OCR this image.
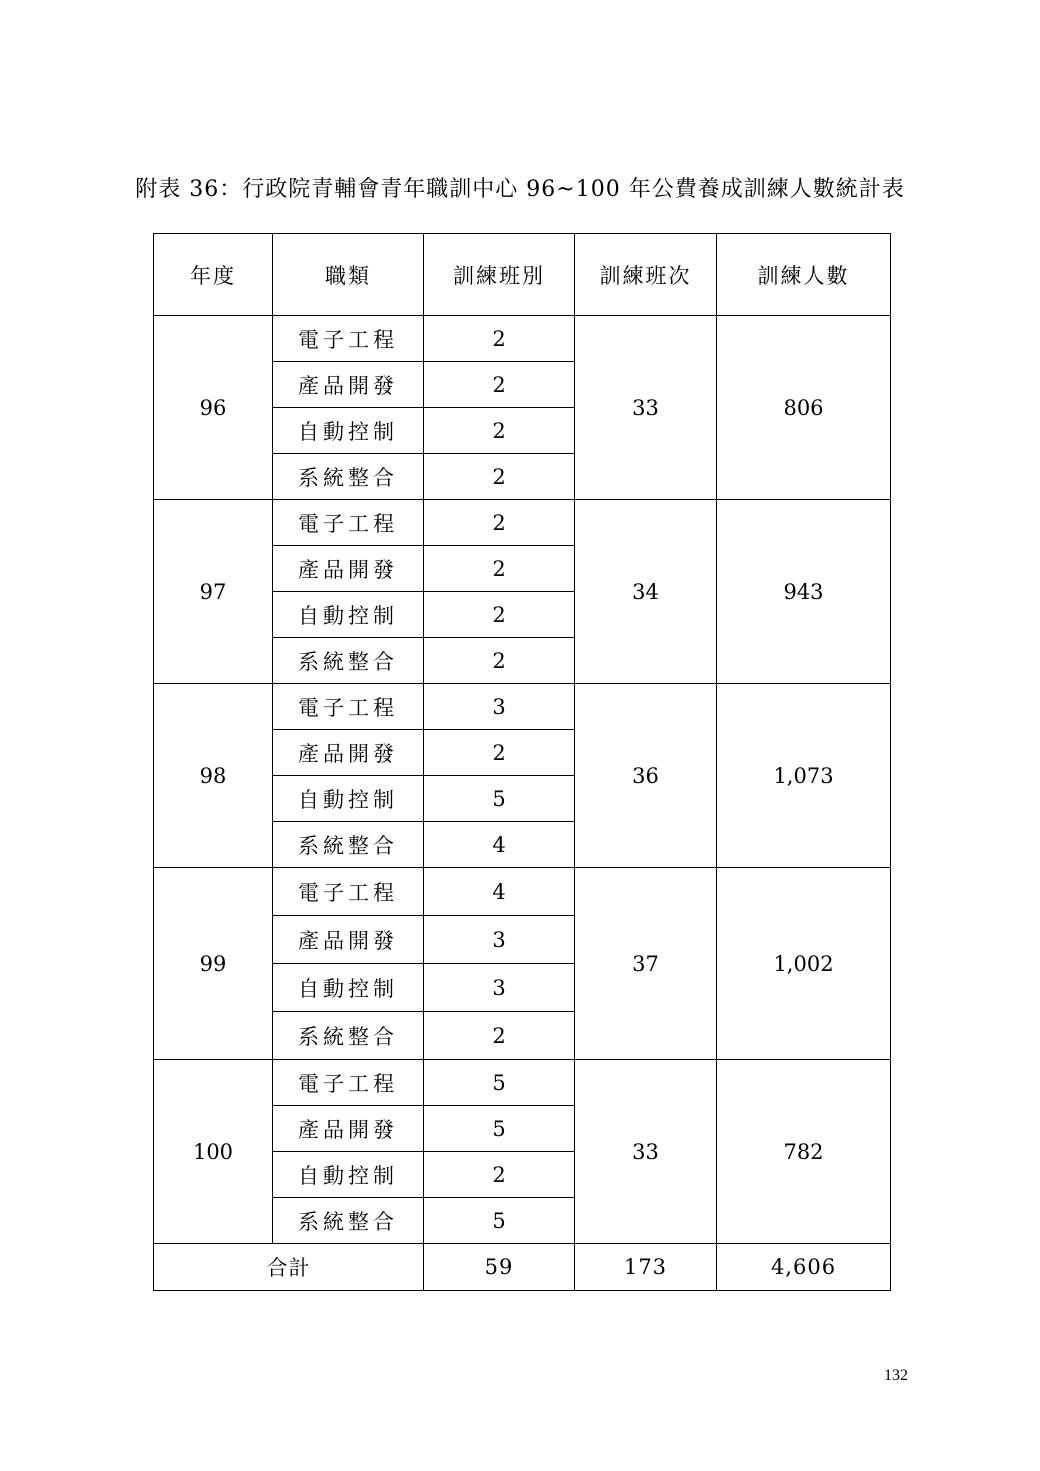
附表 36：行政院青輔會青年職訓中心 96~100 年公費養成訓練人數統計表
年度	職類	訓練班別	訓練班次	訓練人數
96	電子工程	2	33	806
	產品開發	2		
	自動控制	2		
	系統整合	2		
97	電子工程	2	34	943
	產品開發	2		
	自動控制	2		
	系統整合	2		
98	電子工程	3	36	1,073
	產品開發	2		
	自動控制	5		
	系統整合	4		
99	電子工程	4	37	1,002
	產品開發	3		
	自動控制	3		
	系統整合	2		
100	電子工程	5	33	782
	產品開發	5		
	自動控制	2		
	系統整合	5		
合計		59	173	4,606
132
